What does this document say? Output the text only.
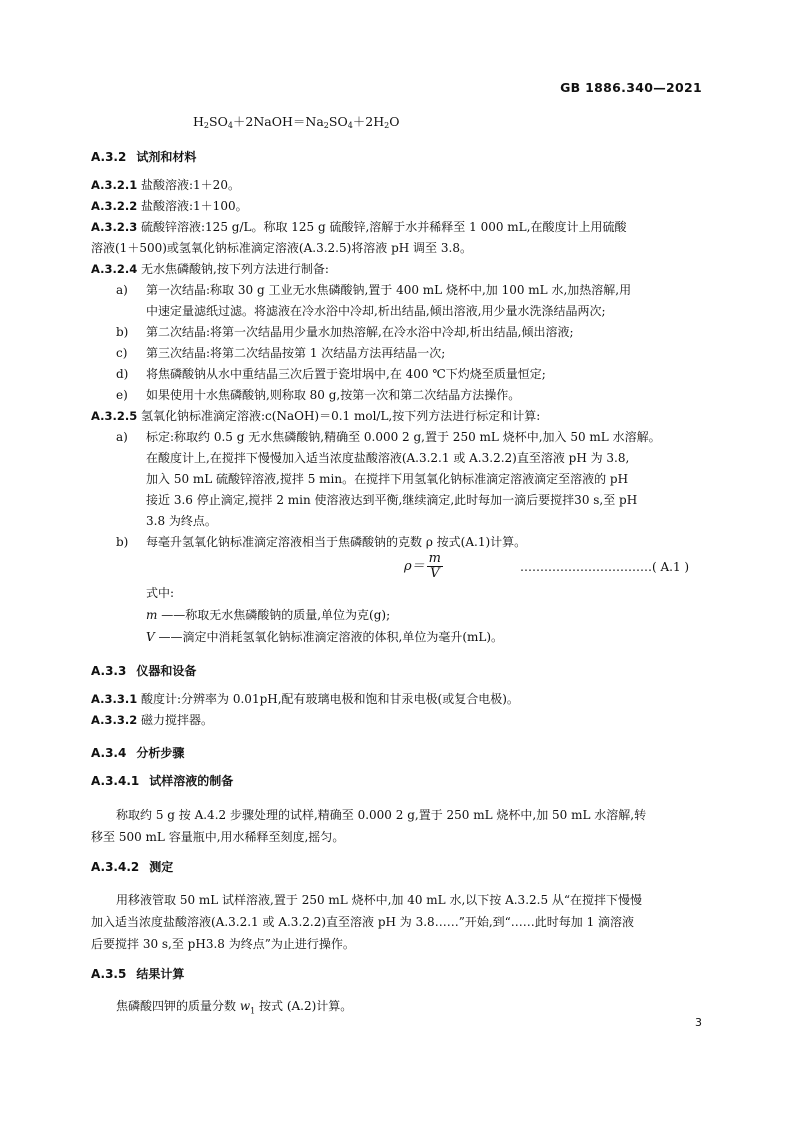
GB 1886.340—2021
$H_2SO_4+2NaOH=Na_2SO_4+2H_2O$
A.3.2 试剂和材料
A.3.2.1 盐酸溶液:1＋20。
A.3.2.2 盐酸溶液:1＋100。
A.3.2.3 硫酸锌溶液:125 g/L。称取 125 g 硫酸锌,溶解于水并稀释至 1 000 mL,在酸度计上用硫酸
溶液(1＋500)或氢氧化钠标准滴定溶液(A.3.2.5)将溶液 pH 调至 3.8。
A.3.2.4 无水焦磷酸钠,按下列方法进行制备:
a) 第一次结晶:称取 30 g 工业无水焦磷酸钠,置于 400 mL 烧杯中,加 100 mL 水,加热溶解,用
中速定量滤纸过滤。将滤液在冷水浴中冷却,析出结晶,倾出溶液,用少量水洗涤结晶两次;
b) 第二次结晶:将第一次结晶用少量水加热溶解,在冷水浴中冷却,析出结晶,倾出溶液;
c) 第三次结晶:将第二次结晶按第 1 次结晶方法再结晶一次;
d) 将焦磷酸钠从水中重结晶三次后置于瓷坩埚中,在 400 ℃下灼烧至质量恒定;
e) 如果使用十水焦磷酸钠,则称取 80 g,按第一次和第二次结晶方法操作。
A.3.2.5 氢氧化钠标准滴定溶液:c(NaOH)＝0.1 mol/L,按下列方法进行标定和计算:
a) 标定:称取约 0.5 g 无水焦磷酸钠,精确至 0.000 2 g,置于 250 mL 烧杯中,加入 50 mL 水溶解。
在酸度计上,在搅拌下慢慢加入适当浓度盐酸溶液(A.3.2.1 或 A.3.2.2)直至溶液 pH 为 3.8,
加入 50 mL 硫酸锌溶液,搅拌 5 min。在搅拌下用氢氧化钠标准滴定溶液滴定至溶液的 pH
接近 3.6 停止滴定,搅拌 2 min 使溶液达到平衡,继续滴定,此时每加一滴后要搅拌30 s,至 pH
3.8 为终点。
b) 每毫升氢氧化钠标准滴定溶液相当于焦磷酸钠的克数 ρ 按式(A.1)计算。
$\rho= \frac{m}{V}$	……………………………( A.1 )
式中:
m ——称取无水焦磷酸钠的质量,单位为克(g);
V ——滴定中消耗氢氧化钠标准滴定溶液的体积,单位为毫升(mL)。
A.3.3 仪器和设备
A.3.3.1 酸度计:分辨率为 0.01pH,配有玻璃电极和饱和甘汞电极(或复合电极)。
A.3.3.2 磁力搅拌器。
A.3.4 分析步骤
A.3.4.1 试样溶液的制备
称取约 5 g 按 A.4.2 步骤处理的试样,精确至 0.000 2 g,置于 250 mL 烧杯中,加 50 mL 水溶解,转
移至 500 mL 容量瓶中,用水稀释至刻度,摇匀。
A.3.4.2 测定
用移液管取 50 mL 试样溶液,置于 250 mL 烧杯中,加 40 mL 水,以下按 A.3.2.5 从“在搅拌下慢慢
加入适当浓度盐酸溶液(A.3.2.1 或 A.3.2.2)直至溶液 pH 为 3.8……”开始,到“……此时每加 1 滴溶液
后要搅拌 30 s,至 pH3.8 为终点”为止进行操作。
A.3.5 结果计算
焦磷酸四钾的质量分数 $w_1$ 按式 (A.2)计算。
3
